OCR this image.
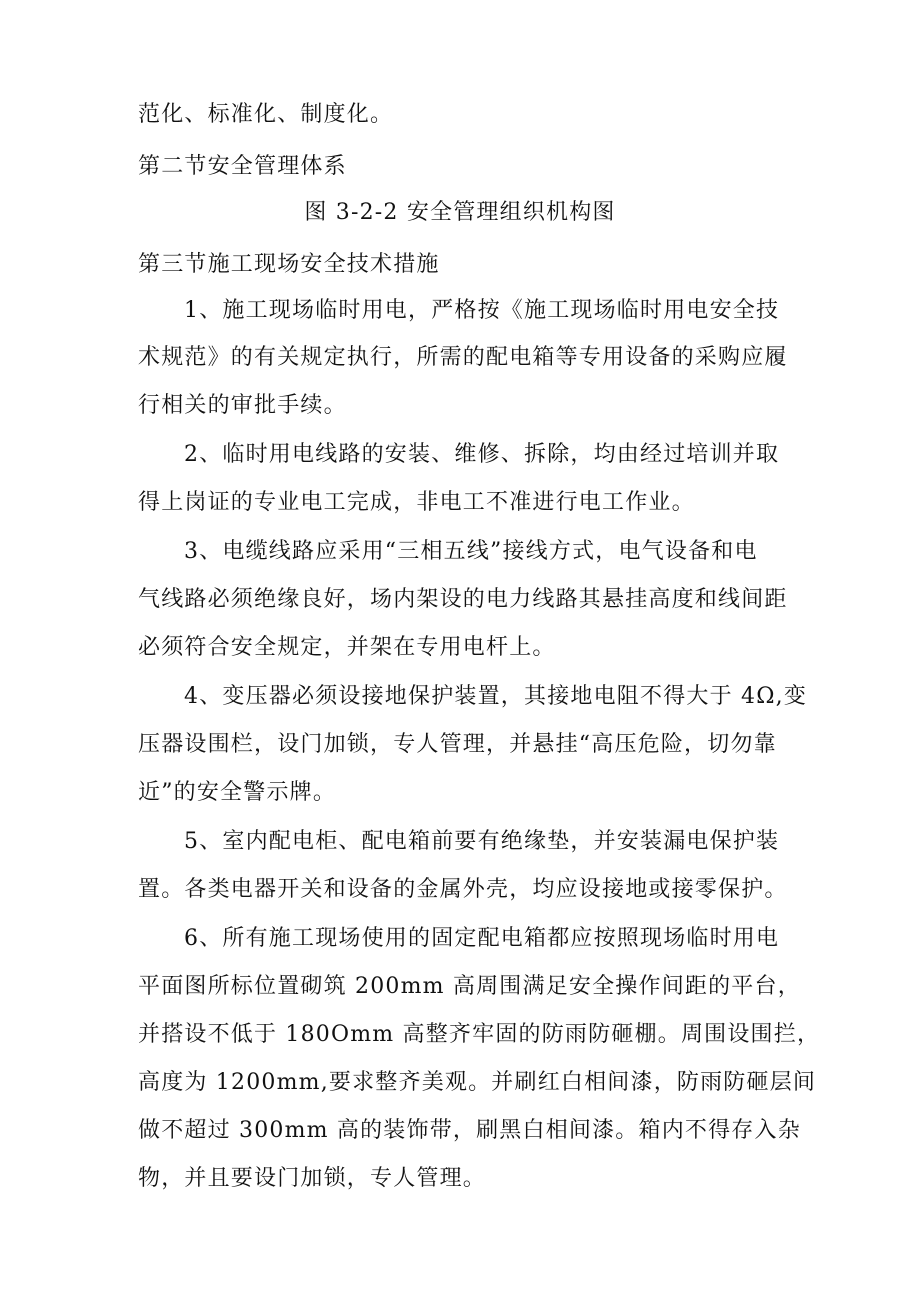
范化、标准化、制度化。
第二节安全管理体系
图 3-2-2 安全管理组织机构图
第三节施工现场安全技术措施
1、施工现场临时用电，严格按《施工现场临时用电安全技
术规范》的有关规定执行，所需的配电箱等专用设备的采购应履
行相关的审批手续。
2、临时用电线路的安装、维修、拆除，均由经过培训并取
得上岗证的专业电工完成，非电工不准进行电工作业。
3、电缆线路应采用“三相五线”接线方式，电气设备和电
气线路必须绝缘良好，场内架设的电力线路其悬挂高度和线间距
必须符合安全规定，并架在专用电杆上。
4、变压器必须设接地保护装置，其接地电阻不得大于 4Ω,变
压器设围栏，设门加锁，专人管理，并悬挂“高压危险，切勿靠
近”的安全警示牌。
5、室内配电柜、配电箱前要有绝缘垫，并安装漏电保护装
置。各类电器开关和设备的金属外壳，均应设接地或接零保护。
6、所有施工现场使用的固定配电箱都应按照现场临时用电
平面图所标位置砌筑 200mm 高周围满足安全操作间距的平台，
并搭设不低于 180Omm 高整齐牢固的防雨防砸棚。周围设围拦，
高度为 1200mm,要求整齐美观。并刷红白相间漆，防雨防砸层间
做不超过 300mm 高的装饰带，刷黑白相间漆。箱内不得存入杂
物，并且要设门加锁，专人管理。
